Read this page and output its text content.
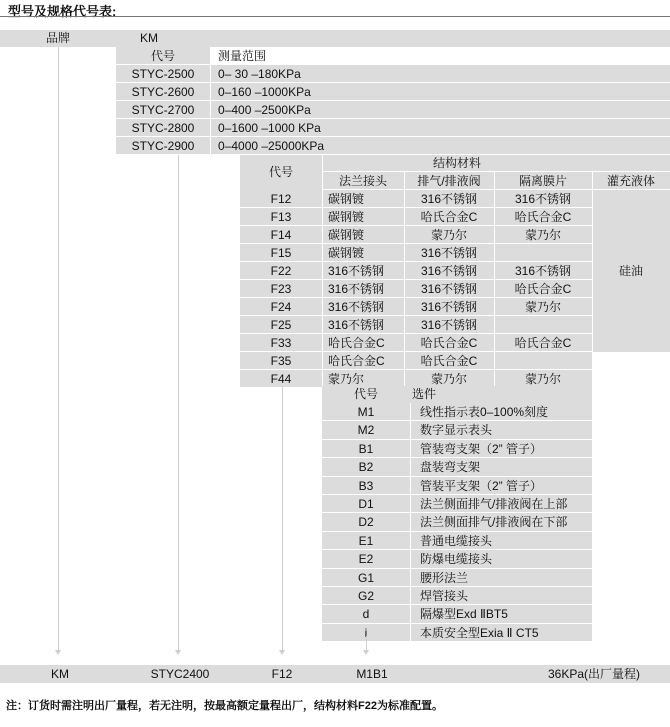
型号及规格代号表:
品牌	KM
代号	测量范围
STYC-2500	0– 30 –180KPa
STYC-2600	0–160 –1000KPa
STYC-2700	0–400 –2500KPa
STYC-2800	0–1600 –1000 KPa
STYC-2900	0–4000 –25000KPa
代号
结构材料
法兰接头	排气/排液阀	隔离膜片	灌充液体
F12	碳钢镀	316不锈钢	316不锈钢
F13	碳钢镀	哈氏合金C	哈氏合金C
F14	碳钢镀	蒙乃尔	蒙乃尔
F15	碳钢镀	316不锈钢
F22	316不锈钢	316不锈钢	316不锈钢
F23	316不锈钢	316不锈钢	哈氏合金C
F24	316不锈钢	316不锈钢	蒙乃尔
F25	316不锈钢	316不锈钢
F33	哈氏合金C	哈氏合金C	哈氏合金C
F35	哈氏合金C	哈氏合金C
F44	蒙乃尔	蒙乃尔	蒙乃尔
硅油
代号	选件
M1	线性指示表0–100%刻度
M2	数字显示表头
B1	管装弯支架（2” 管子）
B2	盘装弯支架
B3	管装平支架（2” 管子）
D1	法兰侧面排气/排液阀在上部
D2	法兰侧面排气/排液阀在下部
E1	普通电缆接头
E2	防爆电缆接头
G1	腰形法兰
G2	焊管接头
d	隔爆型Exd ⅡBT5
i	本质安全型Exia Ⅱ CT5
KM	STYC2400	F12	M1B1	36KPa(出厂量程)
注：订货时需注明出厂量程，若无注明，按最高额定量程出厂，结构材料F22为标准配置。
